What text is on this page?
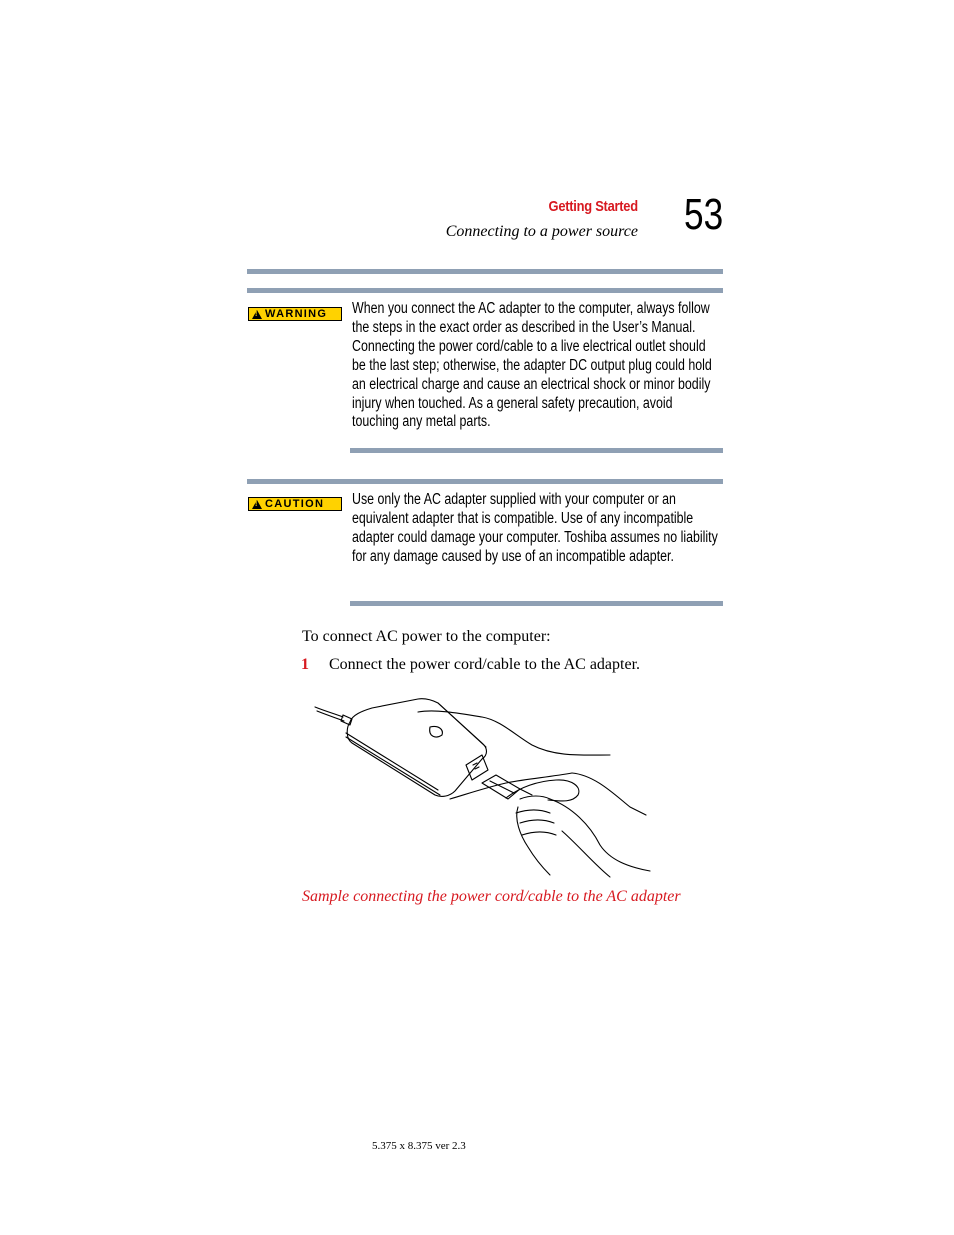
Getting Started
Connecting to a power source 53
!
WARNING When you connect the AC adapter to the computer, always follow the steps in the exact order as described in the User’s Manual. Connecting the power cord/cable to a live electrical outlet should be the last step; otherwise, the adapter DC output plug could hold an electrical charge and cause an electrical shock or minor bodily injury when touched. As a general safety precaution, avoid touching any metal parts.
!
CAUTION Use only the AC adapter supplied with your computer or an equivalent adapter that is compatible. Use of any incompatible adapter could damage your computer. Toshiba assumes no liability for any damage caused by use of an incompatible adapter.
To connect AC power to the computer:
1 Connect the power cord/cable to the AC adapter.
Sample connecting the power cord/cable to the AC adapter
5.375 x 8.375 ver 2.3
